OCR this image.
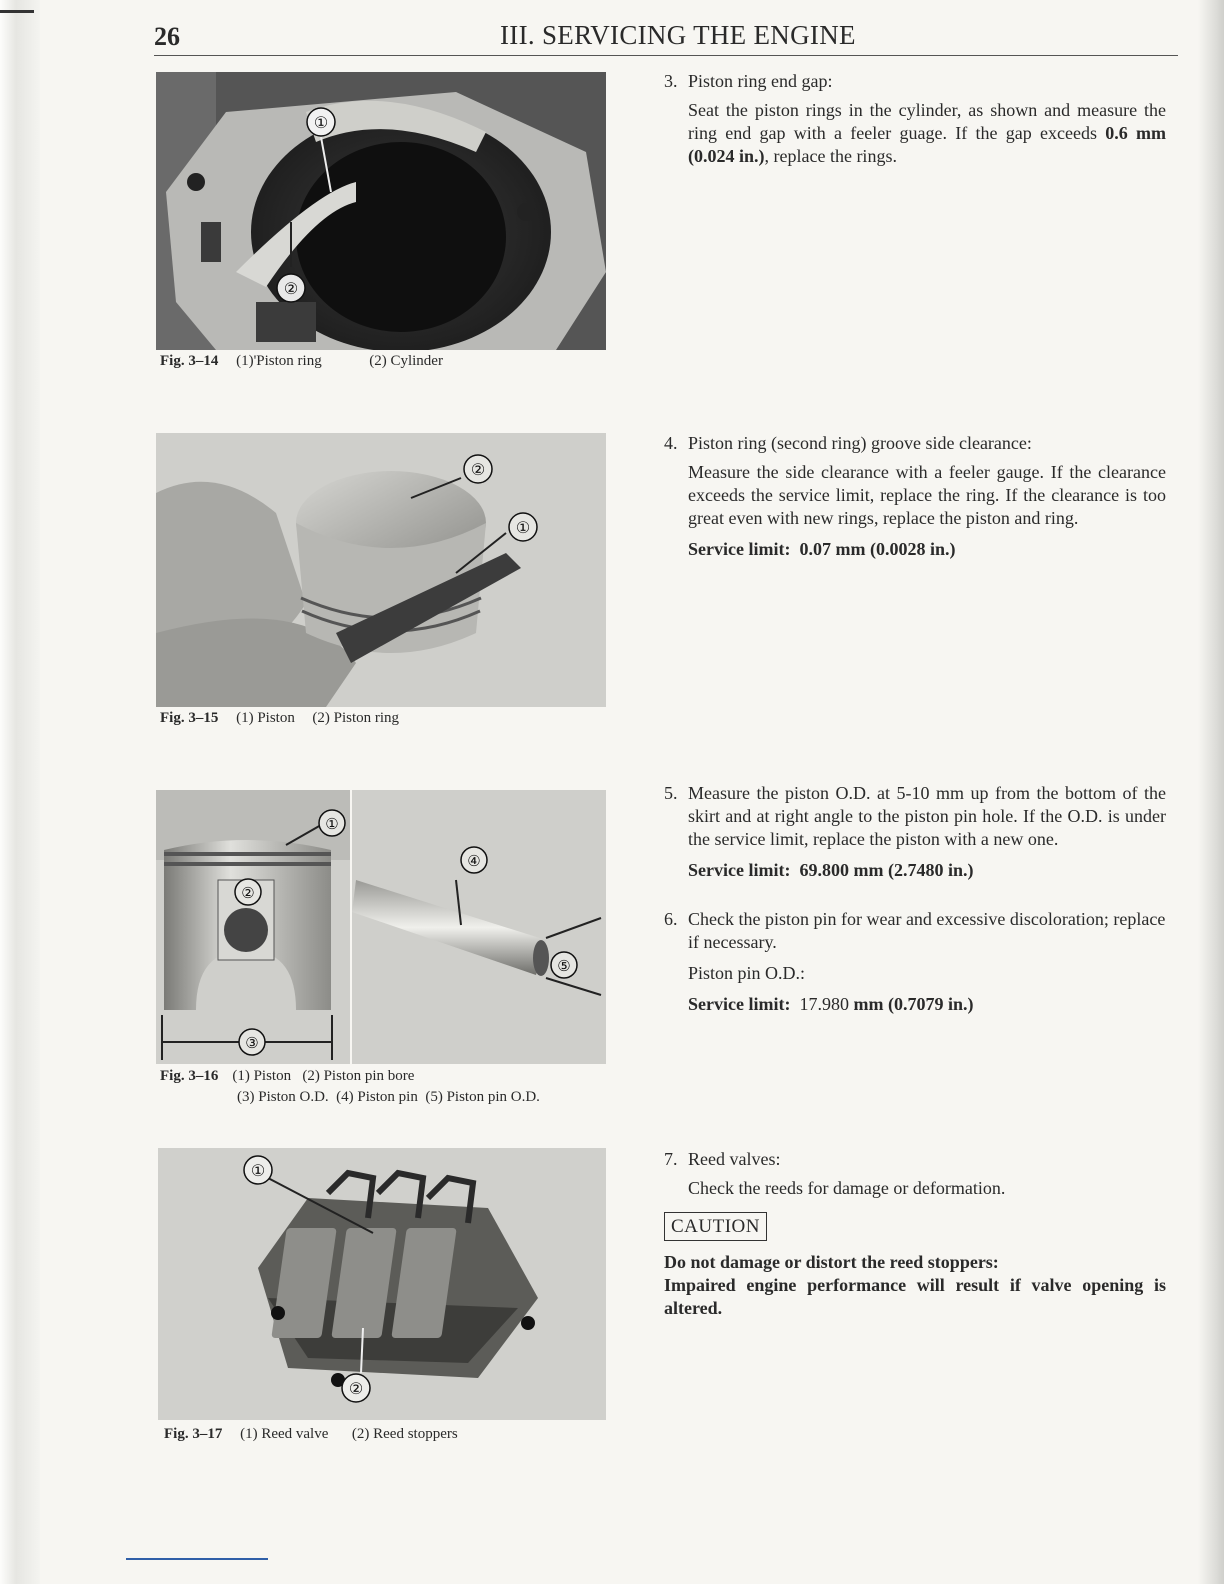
26	III. SERVICING THE ENGINE
①
②
Fig. 3–14 (1)'Piston ring	(2) Cylinder
②
①
Fig. 3–15 (1) Piston (2) Piston ring
①
②
③
④
⑤
Fig. 3–16 (1) Piston   (2) Piston pin bore
(3) Piston O.D.  (4) Piston pin  (5) Piston pin O.D.
①
②
Fig. 3–17 (1) Reed valve (2) Reed stoppers
3. Piston ring end gap:

Seat the piston rings in the cylinder, as shown and measure the ring end gap with a feeler guage. If the gap exceeds 0.6 mm (0.024 in.), replace the rings.

4. Piston ring (second ring) groove side clearance:

Measure the side clearance with a feeler gauge. If the clearance exceeds the service limit, replace the ring. If the clearance is too great even with new rings, replace the piston and ring.

Service limit: 0.07 mm (0.0028 in.)

5. Measure the piston O.D. at 5-10 mm up from the bottom of the skirt and at right angle to the piston pin hole. If the O.D. is under the service limit, replace the piston with a new one.

Service limit: 69.800 mm (2.7480 in.)

6. Check the piston pin for wear and excessive discoloration; replace if necessary.

Piston pin O.D.:

Service limit: 17.980 mm (0.7079 in.)

7. Reed valves:

Check the reeds for damage or deformation.

CAUTION
Do not damage or distort the reed stoppers:
Impaired engine performance will result if valve opening is altered.
